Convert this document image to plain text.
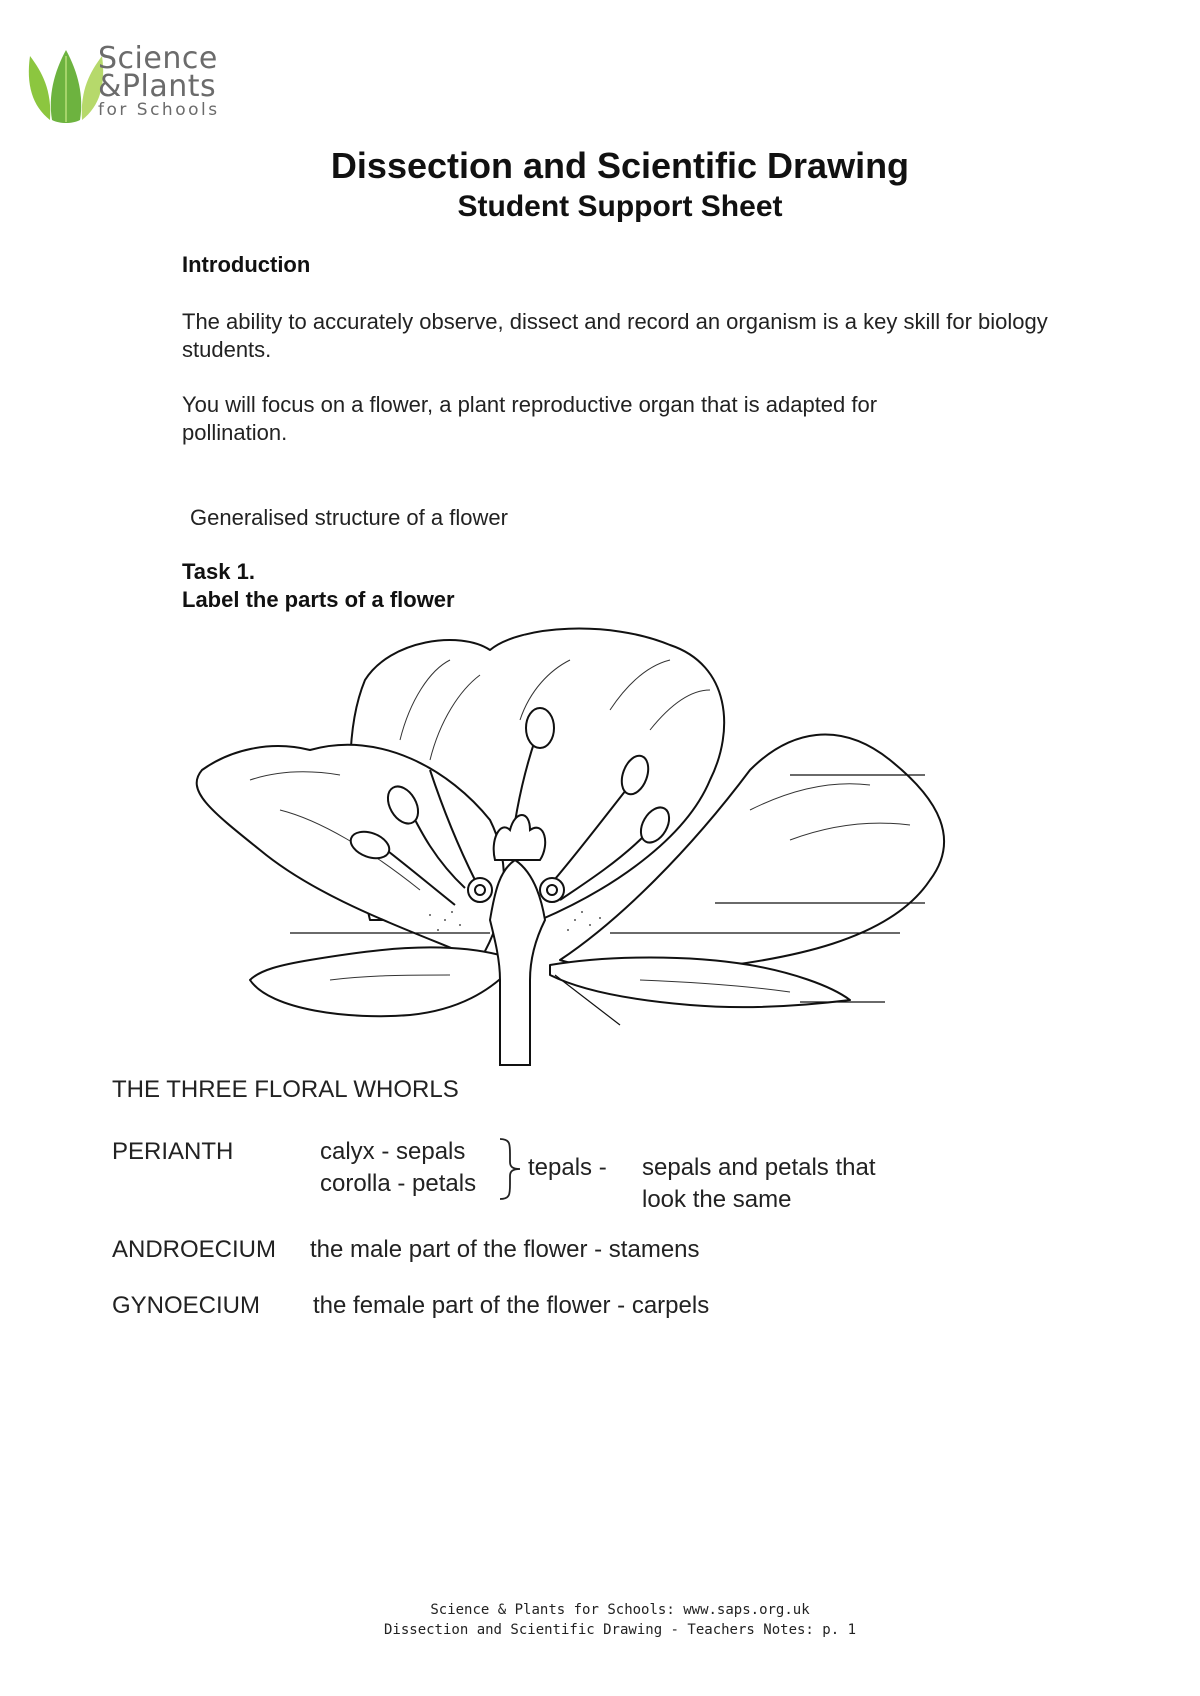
Science
&Plants
for Schools
Dissection and Scientific Drawing
Student Support Sheet
Introduction
The ability to accurately observe, dissect and record an organism is a key skill for biology students.
You will focus on a flower, a plant reproductive organ that is adapted for pollination.
Generalised structure of a flower
Task 1.
Label the parts of a flower
THE THREE FLORAL WHORLS
PERIANTH	calyx - sepals
corolla - petals
tepals - sepals and petals that
look the same
ANDROECIUM the male part of the flower - stamens
GYNOECIUM the female part of the flower - carpels
Science & Plants for Schools: www.saps.org.uk
Dissection and Scientific Drawing - Teachers Notes: p. 1
